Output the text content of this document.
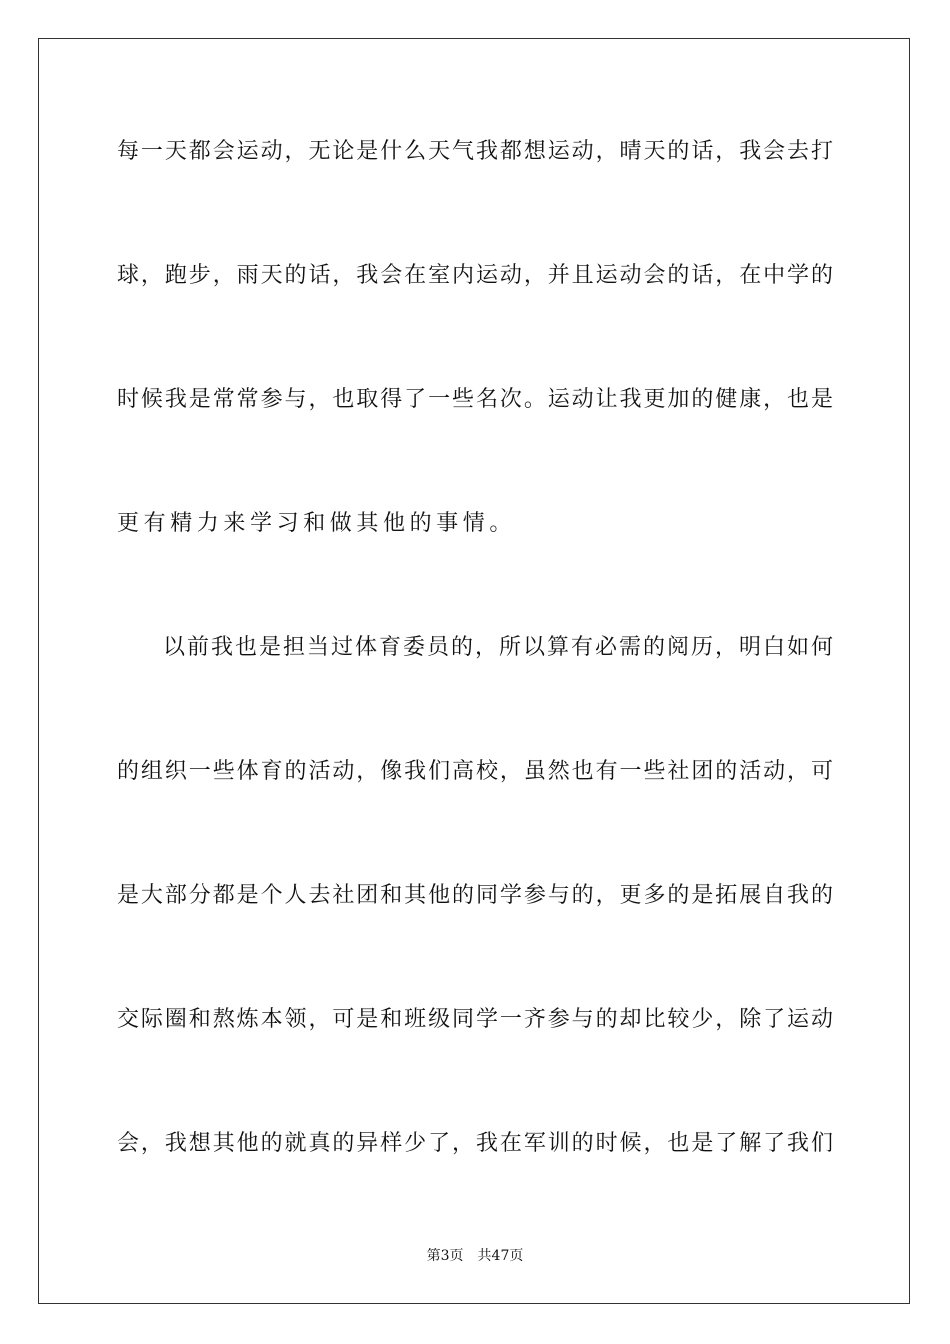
每一天都会运动，无论是什么天气我都想运动，晴天的话，我会去打
球，跑步，雨天的话，我会在室内运动，并且运动会的话，在中学的
时候我是常常参与，也取得了一些名次。运动让我更加的健康，也是
更有精力来学习和做其他的事情。
以前我也是担当过体育委员的，所以算有必需的阅历，明白如何
的组织一些体育的活动，像我们高校，虽然也有一些社团的活动，可
是大部分都是个人去社团和其他的同学参与的，更多的是拓展自我的
交际圈和熬炼本领，可是和班级同学一齐参与的却比较少，除了运动
会，我想其他的就真的异样少了，我在军训的时候，也是了解了我们
第3页 共47页
